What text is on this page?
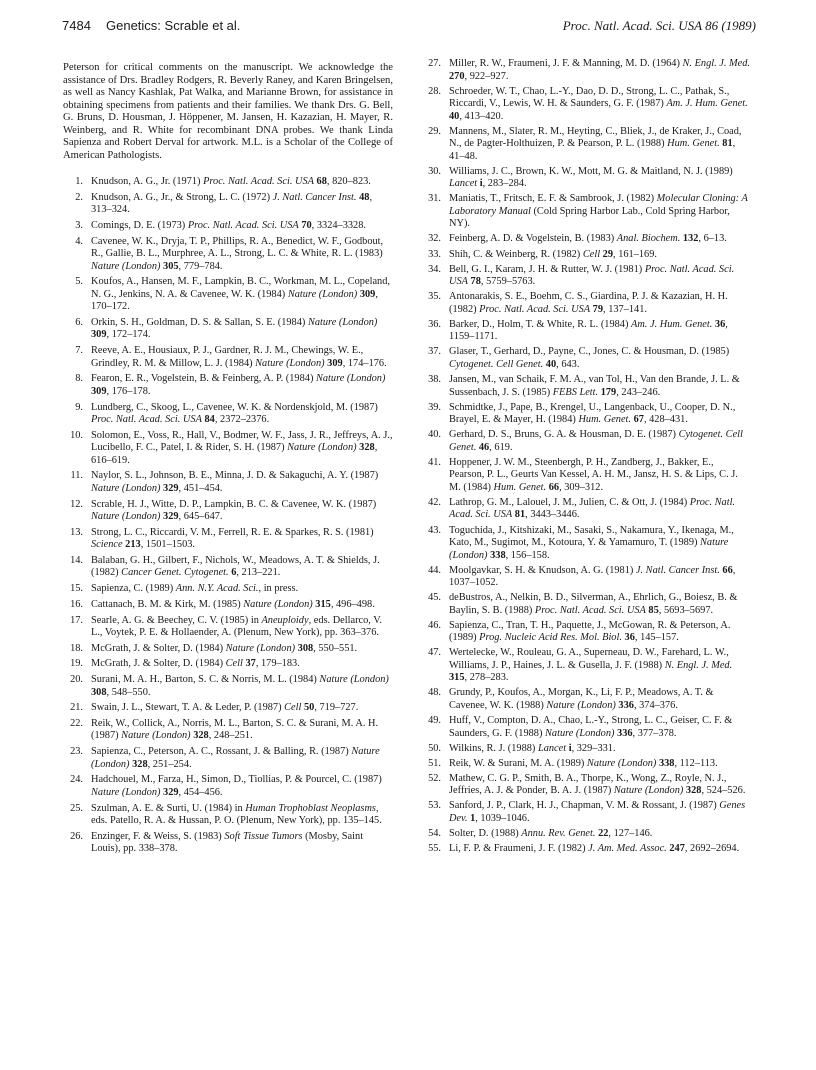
7484 Genetics: Scrable et al.	Proc. Natl. Acad. Sci. USA 86 (1989)

Peterson for critical comments on the manuscript. We acknowledge the assistance of Drs. Bradley Rodgers, R. Beverly Raney, and Karen Bringelsen, as well as Nancy Kashlak, Pat Walka, and Marianne Brown, for assistance in obtaining specimens from patients and their families. We thank Drs. G. Bell, G. Bruns, D. Housman, J. Höppener, M. Jansen, H. Kazazian, H. Mayer, R. Weinberg, and R. White for recombinant DNA probes. We thank Linda Sapienza and Robert Derval for artwork. M.L. is a Scholar of the College of American Pathologists.

1. Knudson, A. G., Jr. (1971) Proc. Natl. Acad. Sci. USA 68, 820–823.
2. Knudson, A. G., Jr., & Strong, L. C. (1972) J. Natl. Cancer Inst. 48, 313–324.
3. Comings, D. E. (1973) Proc. Natl. Acad. Sci. USA 70, 3324–3328.
4. Cavenee, W. K., Dryja, T. P., Phillips, R. A., Benedict, W. F., Godbout, R., Gallie, B. L., Murphree, A. L., Strong, L. C. & White, R. L. (1983) Nature (London) 305, 779–784.
5. Koufos, A., Hansen, M. F., Lampkin, B. C., Workman, M. L., Copeland, N. G., Jenkins, N. A. & Cavenee, W. K. (1984) Nature (London) 309, 170–172.
6. Orkin, S. H., Goldman, D. S. & Sallan, S. E. (1984) Nature (London) 309, 172–174.
7. Reeve, A. E., Housiaux, P. J., Gardner, R. J. M., Chewings, W. E., Grindley, R. M. & Millow, L. J. (1984) Nature (London) 309, 174–176.
8. Fearon, E. R., Vogelstein, B. & Feinberg, A. P. (1984) Nature (London) 309, 176–178.
9. Lundberg, C., Skoog, L., Cavenee, W. K. & Nordenskjold, M. (1987) Proc. Natl. Acad. Sci. USA 84, 2372–2376.
10. Solomon, E., Voss, R., Hall, V., Bodmer, W. F., Jass, J. R., Jeffreys, A. J., Lucibello, F. C., Patel, I. & Rider, S. H. (1987) Nature (London) 328, 616–619.
11. Naylor, S. L., Johnson, B. E., Minna, J. D. & Sakaguchi, A. Y. (1987) Nature (London) 329, 451–454.
12. Scrable, H. J., Witte, D. P., Lampkin, B. C. & Cavenee, W. K. (1987) Nature (London) 329, 645–647.
13. Strong, L. C., Riccardi, V. M., Ferrell, R. E. & Sparkes, R. S. (1981) Science 213, 1501–1503.
14. Balaban, G. H., Gilbert, F., Nichols, W., Meadows, A. T. & Shields, J. (1982) Cancer Genet. Cytogenet. 6, 213–221.
15. Sapienza, C. (1989) Ann. N.Y. Acad. Sci., in press.
16. Cattanach, B. M. & Kirk, M. (1985) Nature (London) 315, 496–498.
17. Searle, A. G. & Beechey, C. V. (1985) in Aneuploidy, eds. Dellarco, V. L., Voytek, P. E. & Hollaender, A. (Plenum, New York), pp. 363–376.
18. McGrath, J. & Solter, D. (1984) Nature (London) 308, 550–551.
19. McGrath, J. & Solter, D. (1984) Cell 37, 179–183.
20. Surani, M. A. H., Barton, S. C. & Norris, M. L. (1984) Nature (London) 308, 548–550.
21. Swain, J. L., Stewart, T. A. & Leder, P. (1987) Cell 50, 719–727.
22. Reik, W., Collick, A., Norris, M. L., Barton, S. C. & Surani, M. A. H. (1987) Nature (London) 328, 248–251.
23. Sapienza, C., Peterson, A. C., Rossant, J. & Balling, R. (1987) Nature (London) 328, 251–254.
24. Hadchouel, M., Farza, H., Simon, D., Tiollias, P. & Pourcel, C. (1987) Nature (London) 329, 454–456.
25. Szulman, A. E. & Surti, U. (1984) in Human Trophoblast Neoplasms, eds. Patello, R. A. & Hussan, P. O. (Plenum, New York), pp. 135–145.
26. Enzinger, F. & Weiss, S. (1983) Soft Tissue Tumors (Mosby, Saint Louis), pp. 338–378.
27. Miller, R. W., Fraumeni, J. F. & Manning, M. D. (1964) N. Engl. J. Med. 270, 922–927.
28. Schroeder, W. T., Chao, L.-Y., Dao, D. D., Strong, L. C., Pathak, S., Riccardi, V., Lewis, W. H. & Saunders, G. F. (1987) Am. J. Hum. Genet. 40, 413–420.
29. Mannens, M., Slater, R. M., Heyting, C., Bliek, J., de Kraker, J., Coad, N., de Pagter-Holthuizen, P. & Pearson, P. L. (1988) Hum. Genet. 81, 41–48.
30. Williams, J. C., Brown, K. W., Mott, M. G. & Maitland, N. J. (1989) Lancet i, 283–284.
31. Maniatis, T., Fritsch, E. F. & Sambrook, J. (1982) Molecular Cloning: A Laboratory Manual (Cold Spring Harbor Lab., Cold Spring Harbor, NY).
32. Feinberg, A. D. & Vogelstein, B. (1983) Anal. Biochem. 132, 6–13.
33. Shih, C. & Weinberg, R. (1982) Cell 29, 161–169.
34. Bell, G. I., Karam, J. H. & Rutter, W. J. (1981) Proc. Natl. Acad. Sci. USA 78, 5759–5763.
35. Antonarakis, S. E., Boehm, C. S., Giardina, P. J. & Kazazian, H. H. (1982) Proc. Natl. Acad. Sci. USA 79, 137–141.
36. Barker, D., Holm, T. & White, R. L. (1984) Am. J. Hum. Genet. 36, 1159–1171.
37. Glaser, T., Gerhard, D., Payne, C., Jones, C. & Housman, D. (1985) Cytogenet. Cell Genet. 40, 643.
38. Jansen, M., van Schaik, F. M. A., van Tol, H., Van den Brande, J. L. & Sussenbach, J. S. (1985) FEBS Lett. 179, 243–246.
39. Schmidtke, J., Pape, B., Krengel, U., Langenback, U., Cooper, D. N., Brayel, E. & Mayer, H. (1984) Hum. Genet. 67, 428–431.
40. Gerhard, D. S., Bruns, G. A. & Housman, D. E. (1987) Cytogenet. Cell Genet. 46, 619.
41. Hoppener, J. W. M., Steenbergh, P. H., Zandberg, J., Bakker, E., Pearson, P. L., Geurts Van Kessel, A. H. M., Jansz, H. S. & Lips, C. J. M. (1984) Hum. Genet. 66, 309–312.
42. Lathrop, G. M., Lalouel, J. M., Julien, C. & Ott, J. (1984) Proc. Natl. Acad. Sci. USA 81, 3443–3446.
43. Toguchida, J., Kitshizaki, M., Sasaki, S., Nakamura, Y., Ikenaga, M., Kato, M., Sugimot, M., Kotoura, Y. & Yamamuro, T. (1989) Nature (London) 338, 156–158.
44. Moolgavkar, S. H. & Knudson, A. G. (1981) J. Natl. Cancer Inst. 66, 1037–1052.
45. deBustros, A., Nelkin, B. D., Silverman, A., Ehrlich, G., Boiesz, B. & Baylin, S. B. (1988) Proc. Natl. Acad. Sci. USA 85, 5693–5697.
46. Sapienza, C., Tran, T. H., Paquette, J., McGowan, R. & Peterson, A. (1989) Prog. Nucleic Acid Res. Mol. Biol. 36, 145–157.
47. Wertelecke, W., Rouleau, G. A., Superneau, D. W., Farehard, L. W., Williams, J. P., Haines, J. L. & Gusella, J. F. (1988) N. Engl. J. Med. 315, 278–283.
48. Grundy, P., Koufos, A., Morgan, K., Li, F. P., Meadows, A. T. & Cavenee, W. K. (1988) Nature (London) 336, 374–376.
49. Huff, V., Compton, D. A., Chao, L.-Y., Strong, L. C., Geiser, C. F. & Saunders, G. F. (1988) Nature (London) 336, 377–378.
50. Wilkins, R. J. (1988) Lancet i, 329–331.
51. Reik, W. & Surani, M. A. (1989) Nature (London) 338, 112–113.
52. Mathew, C. G. P., Smith, B. A., Thorpe, K., Wong, Z., Royle, N. J., Jeffries, A. J. & Ponder, B. A. J. (1987) Nature (London) 328, 524–526.
53. Sanford, J. P., Clark, H. J., Chapman, V. M. & Rossant, J. (1987) Genes Dev. 1, 1039–1046.
54. Solter, D. (1988) Annu. Rev. Genet. 22, 127–146.
55. Li, F. P. & Fraumeni, J. F. (1982) J. Am. Med. Assoc. 247, 2692–2694.
